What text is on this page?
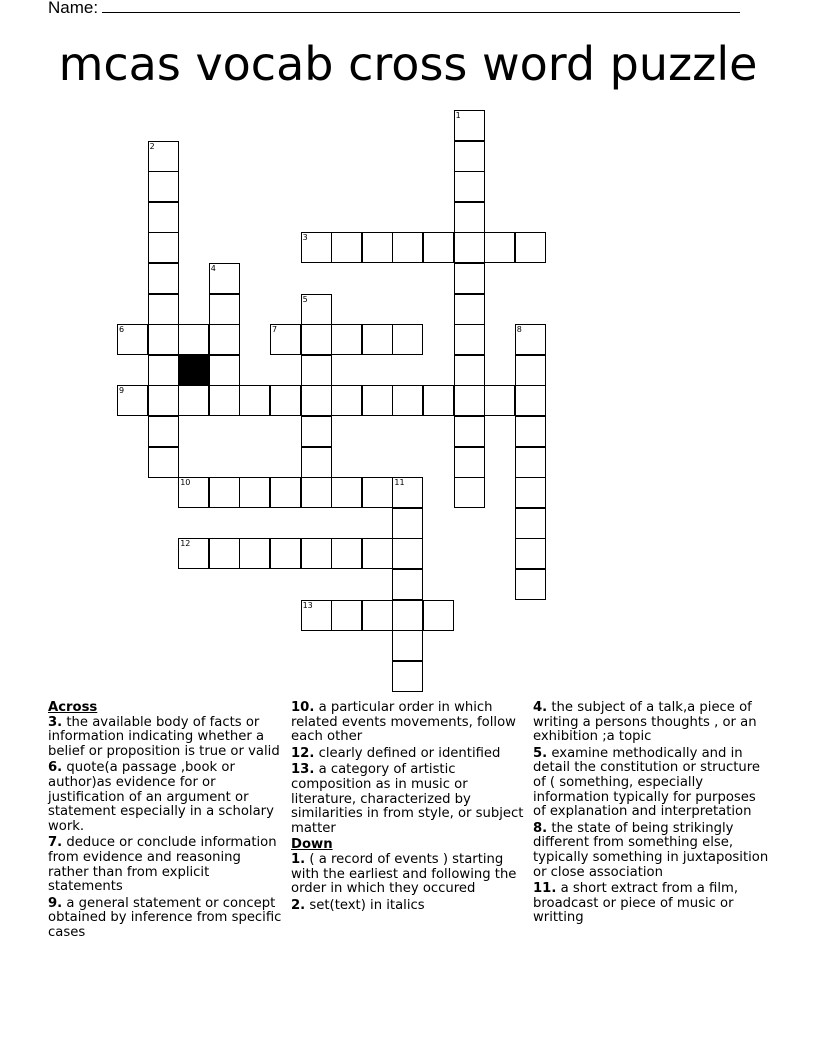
Name:
mcas vocab cross word puzzle
1
2
3
4
5
6	7	8
9
10	11
12
13
Across
3. the available body of facts or information indicating whether a belief or proposition is true or valid
6. quote(a passage ,book or author)as evidence for or justification of an argument or statement especially in a scholary work.
7. deduce or conclude information from evidence and reasoning rather than from explicit statements
9. a general statement or concept obtained by inference from specific cases
10. a particular order in which related events movements, follow each other
12. clearly defined or identified
13. a category of artistic composition as in music or literature, characterized by similarities in from style, or subject matter
Down
1. ( a record of events ) starting with the earliest and following the order in which they occured
2. set(text) in italics
4. the subject of a talk,a piece of writing a persons thoughts , or an exhibition ;a topic
5. examine methodically and in detail the constitution or structure of ( something, especially information typically for purposes of explanation and interpretation
8. the state of being strikingly different from something else, typically something in juxtaposition or close association
11. a short extract from a film, broadcast or piece of music or writting
